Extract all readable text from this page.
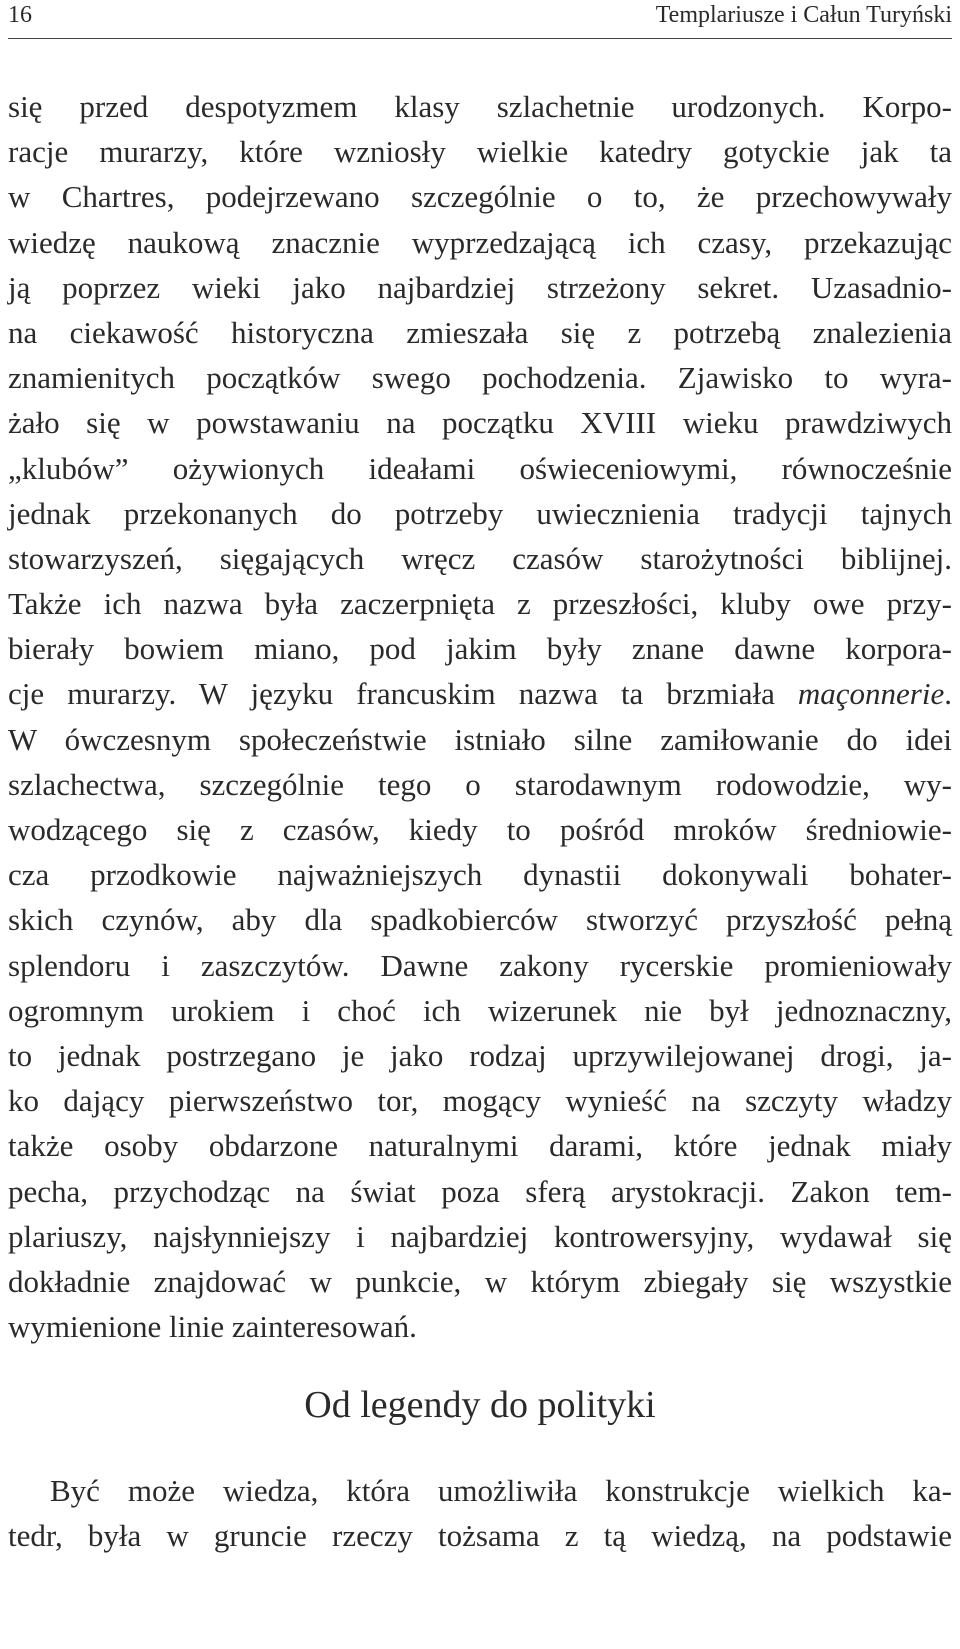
16	Templariusze i Całun Turyński
się przed despotyzmem klasy szlachetnie urodzonych. Korpo-
racje murarzy, które wzniosły wielkie katedry gotyckie jak ta
w Chartres, podejrzewano szczególnie o to, że przechowywały
wiedzę naukową znacznie wyprzedzającą ich czasy, przekazując
ją poprzez wieki jako najbardziej strzeżony sekret. Uzasadnio-
na ciekawość historyczna zmieszała się z potrzebą znalezienia
znamienitych początków swego pochodzenia. Zjawisko to wyra-
żało się w powstawaniu na początku XVIII wieku prawdziwych
„klubów” ożywionych ideałami oświeceniowymi, równocześnie
jednak przekonanych do potrzeby uwiecznienia tradycji tajnych
stowarzyszeń, sięgających wręcz czasów starożytności biblijnej.
Także ich nazwa była zaczerpnięta z przeszłości, kluby owe przy-
bierały bowiem miano, pod jakim były znane dawne korpora-
cje murarzy. W języku francuskim nazwa ta brzmiała maçonnerie.
W ówczesnym społeczeństwie istniało silne zamiłowanie do idei
szlachectwa, szczególnie tego o starodawnym rodowodzie, wy-
wodzącego się z czasów, kiedy to pośród mroków średniowie-
cza przodkowie najważniejszych dynastii dokonywali bohater-
skich czynów, aby dla spadkobierców stworzyć przyszłość pełną
splendoru i zaszczytów. Dawne zakony rycerskie promieniowały
ogromnym urokiem i choć ich wizerunek nie był jednoznaczny,
to jednak postrzegano je jako rodzaj uprzywilejowanej drogi, ja-
ko dający pierwszeństwo tor, mogący wynieść na szczyty władzy
także osoby obdarzone naturalnymi darami, które jednak miały
pecha, przychodząc na świat poza sferą arystokracji. Zakon tem-
plariuszy, najsłynniejszy i najbardziej kontrowersyjny, wydawał się
dokładnie znajdować w punkcie, w którym zbiegały się wszystkie
wymienione linie zainteresowań.
Od legendy do polityki
Być może wiedza, która umożliwiła konstrukcje wielkich ka-
tedr, była w gruncie rzeczy tożsama z tą wiedzą, na podstawie
